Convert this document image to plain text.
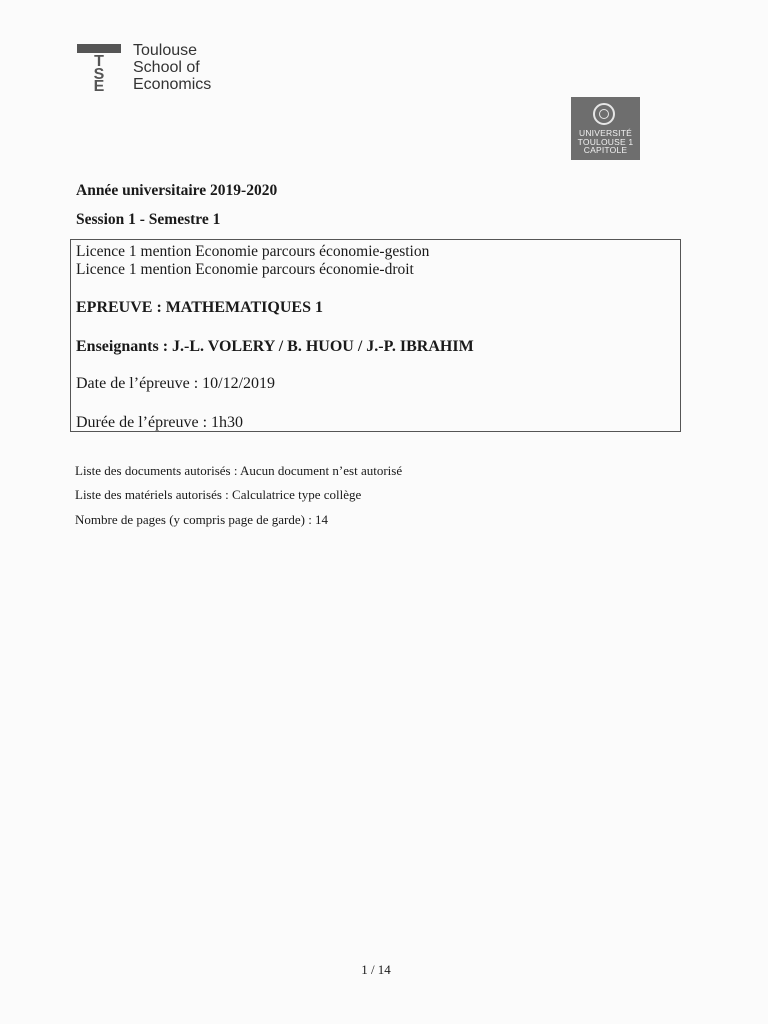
T
S
E
Toulouse
School of
Economics
UNIVERSITÉ
TOULOUSE 1
CAPITOLE
Année universitaire 2019-2020
Session 1 - Semestre 1
Licence 1 mention Economie parcours économie-gestion
Licence 1 mention Economie parcours économie-droit
EPREUVE : MATHEMATIQUES 1
Enseignants : J.-L. VOLERY / B. HUOU / J.-P. IBRAHIM
Date de l’épreuve : 10/12/2019
Durée de l’épreuve : 1h30
Liste des documents autorisés : Aucun document n’est autorisé
Liste des matériels autorisés : Calculatrice type collège
Nombre de pages (y compris page de garde) : 14
1 / 14
